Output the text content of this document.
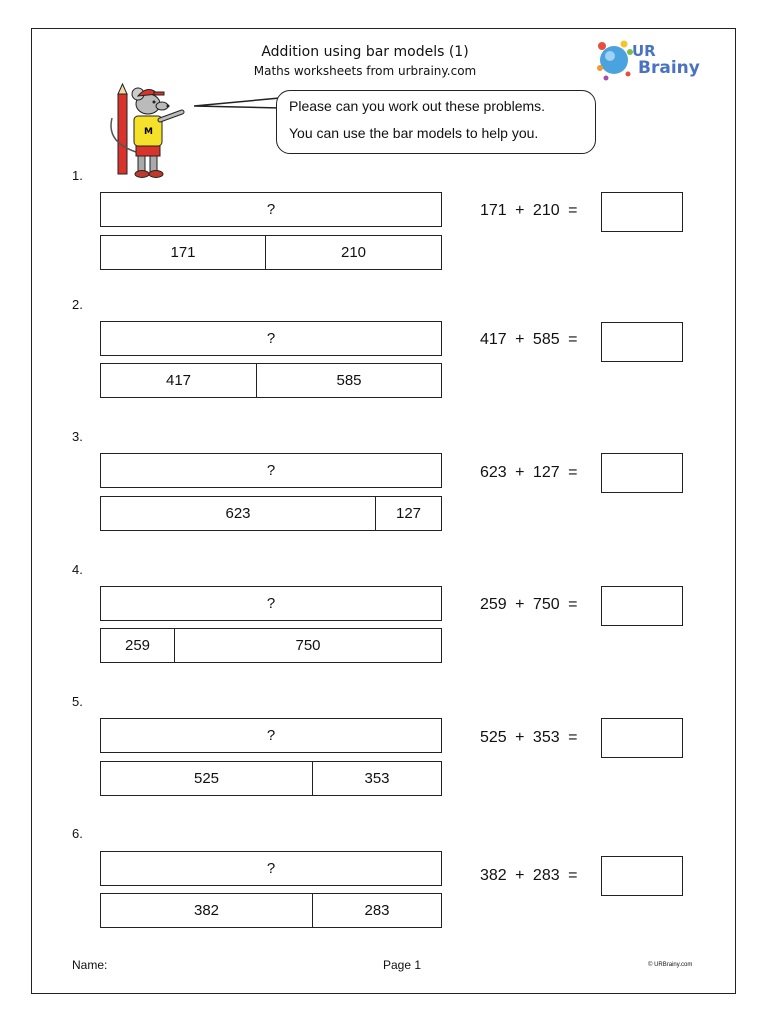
Addition using bar models (1)
Maths worksheets from urbrainy.com
UR
Brainy
M
Please can you work out these problems.
You can use the bar models to help you.
1.
?
171	210
171 + 210 =
2.
?
417	585
417 + 585 =
3.
?
623	127
623 + 127 =
4.
?
259	750
259 + 750 =
5.
?
525	353
525 + 353 =
6.
?
382	283
382 + 283 =
Name:	Page 1	© URBrainy.com
